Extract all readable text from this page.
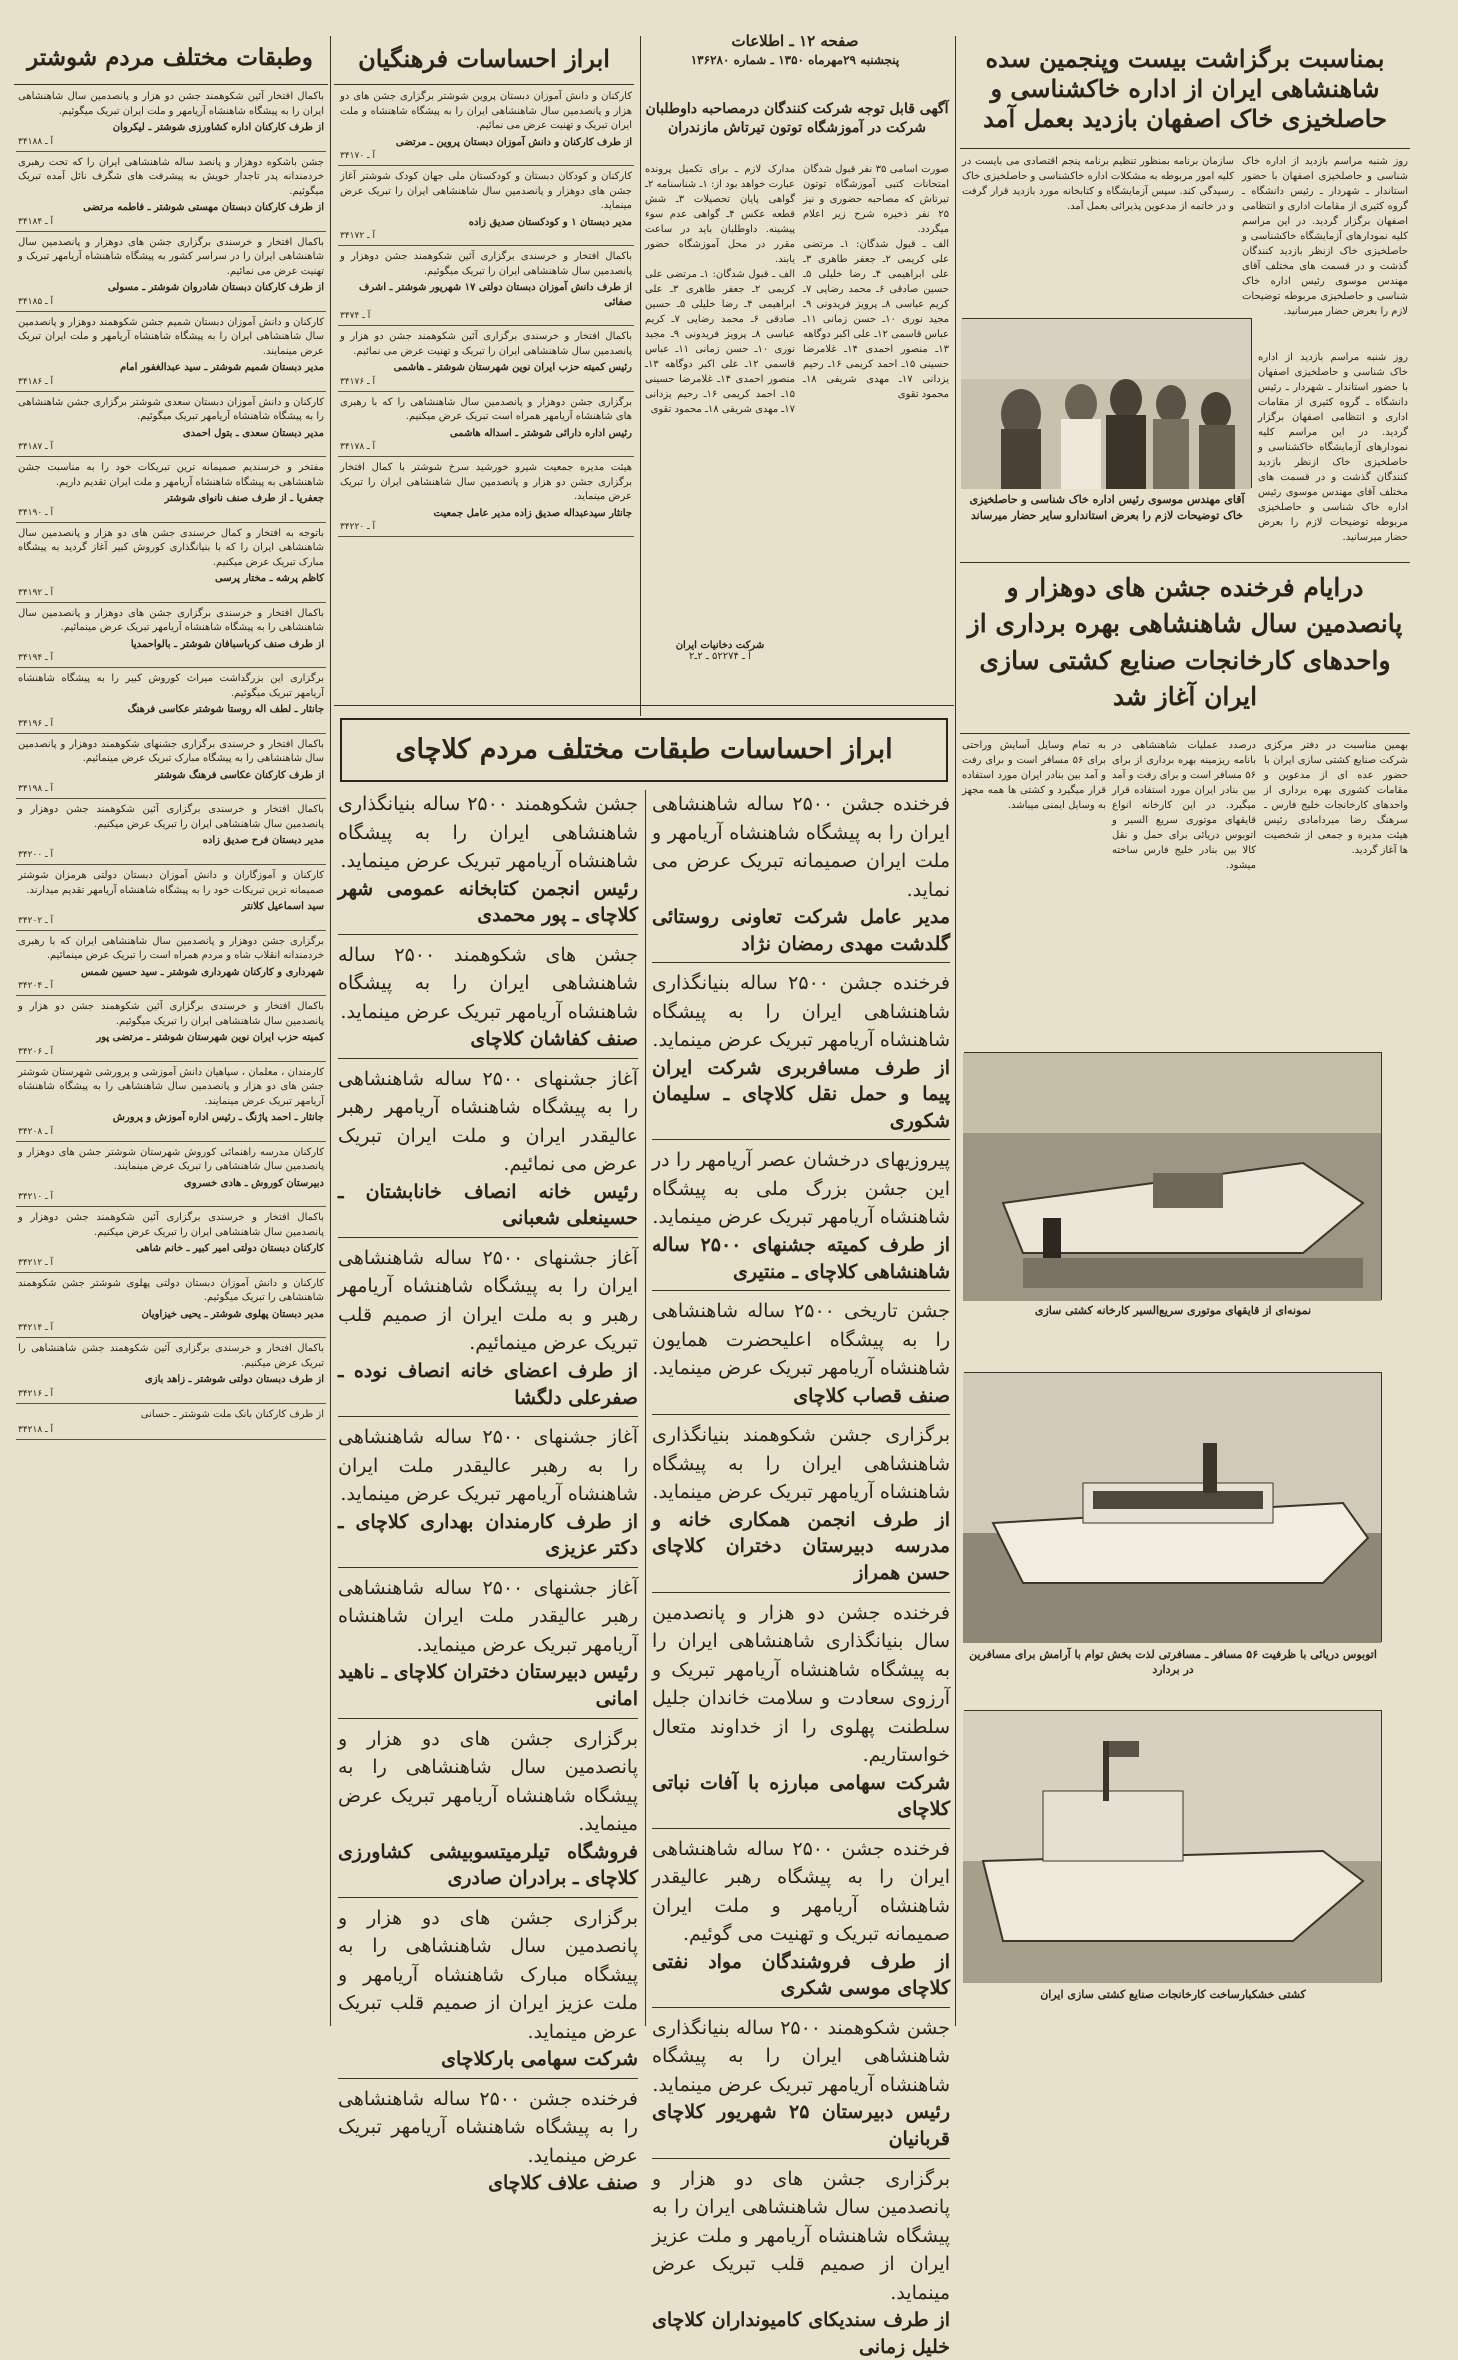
صفحه ۱۲ ـ اطلاعات
پنجشنبه ۲۹مهرماه ۱۳۵۰ ـ شماره ۱۳۶۲۸۰	بمناسبت برگزاشت بیست وپنجمین سده شاهنشاهی ایران از اداره خاکشناسی و حاصلخیزی خاک اصفهان بازدید بعمل آمد
روز شنبه مراسم بازدید از اداره خاک شناسی و حاصلخیزی اصفهان با حضور استاندار ـ شهردار ـ رئیس دانشگاه ـ گروه کثیری از مقامات اداری و انتظامی اصفهان برگزار گردید. در این مراسم کلیه نمودارهای آزمایشگاه خاکشناسی و حاصلخیزی خاک ازنظر بازدید کنندگان گذشت و در قسمت های مختلف آقای مهندس موسوی رئیس اداره خاک شناسی و حاصلخیزی مربوطه توضیحات لازم را بعرض حضار میرسانید.
سازمان برنامه بمنظور تنظیم برنامه پنجم اقتصادی می بایست در کلیه امور مربوطه به مشکلات اداره خاکشناسی و حاصلخیزی خاک رسیدگی کند. سپس آزمایشگاه و کتابخانه مورد بازدید قرار گرفت و در خاتمه از مدعوین پذیرائی بعمل آمد.
آقای مهندس موسوی رئیس اداره خاک شناسی و حاصلخیزی خاک توضیحات لازم را بعرض استاندارو سایر حضار میرساند
روز شنبه مراسم بازدید از اداره خاک شناسی و حاصلخیزی اصفهان با حضور استاندار ـ شهردار ـ رئیس دانشگاه ـ گروه کثیری از مقامات اداری و انتظامی اصفهان برگزار گردید. در این مراسم کلیه نمودارهای آزمایشگاه خاکشناسی و حاصلخیزی خاک ازنظر بازدید کنندگان گذشت و در قسمت های مختلف آقای مهندس موسوی رئیس اداره خاک شناسی و حاصلخیزی مربوطه توضیحات لازم را بعرض حضار میرسانید.
درایام فرخنده جشن های دوهزار و پانصدمین سال شاهنشاهی بهره برداری از واحدهای کارخانجات صنایع کشتی سازی ایران آغاز شد
بهمین مناسبت در دفتر مرکزی شرکت صنایع کشتی سازی ایران با حضور عده ای از مدعوین و مقامات کشوری بهره برداری از واحدهای کارخانجات خلیج فارس ـ سرهنگ رضا میردامادی رئیس هیئت مدیره و جمعی از شخصیت ها آغاز گردید.
درصدد عملیات شاهنشاهی در بانامه ریزمینه بهره برداری از برای ۵۶ مسافر است و برای رفت و آمد بین بنادر ایران مورد استفاده قرار میگیرد. در این کارخانه انواع قایقهای موتوری سریع السیر و اتوبوس دریائی برای حمل و نقل کالا بین بنادر خلیج فارس ساخته میشود.
به تمام وسایل آسایش وراحتی برای ۵۶ مسافر است و برای رفت و آمد بین بنادر ایران مورد استفاده قرار میگیرد و کشتی ها همه مجهز به وسایل ایمنی میباشد.
نمونه‌ای از قایقهای موتوری سریع‌السیر کارخانه کشتی سازی
اتوبوس دریائی با ظرفیت ۵۶ مسافر ـ مسافرتی لذت بخش توام با آرامش برای مسافرین در بردارد
کشتی خشکبارساخت کارخانجات صنایع کشتی سازی ایران
آگهی قابل توجه شرکت کنندگان درمصاحبه داوطلبان شرکت در آموزشگاه توتون تیرتاش مازندران
صورت اسامی ۳۵ نفر قبول شدگان امتحانات کتبی آموزشگاه توتون تیرتاش که مصاحبه حضوری و نیز ۲۵ نفر ذخیره شرح زیر اعلام میگردد.
الف ـ قبول شدگان: ۱ـ مرتضی علی کریمی ۲ـ جعفر طاهری ۳ـ علی ابراهیمی ۴ـ رضا خلیلی ۵ـ حسین صادقی ۶ـ محمد رضایی ۷ـ کریم عباسی ۸ـ پرویز فریدونی ۹ـ مجید نوری ۱۰ـ حسن زمانی ۱۱ـ عباس قاسمی ۱۲ـ علی اکبر دوگاهه ۱۳ـ منصور احمدی ۱۴ـ غلامرضا حسینی ۱۵ـ احمد کریمی ۱۶ـ رحیم یزدانی ۱۷ـ مهدی شریفی ۱۸ـ محمود تقوی
مدارک لازم ـ برای تکمیل پرونده عبارت خواهد بود از: ۱ـ شناسنامه ۲ـ گواهی پایان تحصیلات ۳ـ شش قطعه عکس ۴ـ گواهی عدم سوء پیشینه. داوطلبان باید در ساعت مقرر در محل آموزشگاه حضور یابند.
الف ـ قبول شدگان: ۱ـ مرتضی علی کریمی ۲ـ جعفر طاهری ۳ـ علی ابراهیمی ۴ـ رضا خلیلی ۵ـ حسین صادقی ۶ـ محمد رضایی ۷ـ کریم عباسی ۸ـ پرویز فریدونی ۹ـ مجید نوری ۱۰ـ حسن زمانی ۱۱ـ عباس قاسمی ۱۲ـ علی اکبر دوگاهه ۱۳ـ منصور احمدی ۱۴ـ غلامرضا حسینی ۱۵ـ احمد کریمی ۱۶ـ رحیم یزدانی ۱۷ـ مهدی شریفی ۱۸ـ محمود تقوی
شرکت دخانیات ایران
آ ـ ۵۲۲۷۴ ـ ۲ـ۲
ابراز احساسات فرهنگیان
کارکنان و دانش آموزان دبستان پروین شوشتر برگزاری جشن های دو هزار و پانصدمین سال شاهنشاهی ایران را به پیشگاه شاهنشاه و ملت ایران تبریک و تهنیت عرض می نمائیم.
از طرف کارکنان و دانش آموزان دبستان پروین ـ مرتضی
آ ـ ۳۴۱۷۰
کارکنان و کودکان دبستان و کودکستان ملی جهان کودک شوشتر آغاز جشن های دوهزار و پانصدمین سال شاهنشاهی ایران را تبریک عرض مینماید.
مدیر دبستان ۱ و کودکستان صدیق زاده
آ ـ ۳۴۱۷۲
باکمال افتخار و خرسندی برگزاری آئین شکوهمند جشن دوهزار و پانصدمین سال شاهنشاهی ایران را تبریک میگوئیم.
از طرف دانش آموزان دبستان دولتی ۱۷ شهریور شوشتر ـ اشرف صفائی
آ ـ ۳۴۷۴
باکمال افتخار و خرسندی برگزاری آئین شکوهمند جشن دو هزار و پانصدمین سال شاهنشاهی ایران را تبریک و تهنیت عرض می نمائیم.
رئیس کمیته حزب ایران نوین شهرستان شوشتر ـ هاشمی
آ ـ ۳۴۱۷۶
برگزاری جشن دوهزار و پانصدمین سال شاهنشاهی را که با رهبری های شاهنشاه آریامهر همراه است تبریک عرض میکنیم.
رئیس اداره دارائی شوشتر ـ اسداله هاشمی
آ ـ ۳۴۱۷۸
هیئت مدیره جمعیت شیرو خورشید سرخ شوشتر با کمال افتخار برگزاری جشن دو هزار و پانصدمین سال شاهنشاهی ایران را تبریک عرض مینماید.
جانثار سیدعبداله صدیق زاده مدیر عامل جمعیت
آ ـ ۳۴۲۲۰
وطبقات مختلف مردم شوشتر
باکمال افتخار آئین شکوهمند جشن دو هزار و پانصدمین سال شاهنشاهی ایران را به پیشگاه شاهنشاه آریامهر و ملت ایران تبریک میگوئیم.
از طرف کارکنان اداره کشاورزی شوشتر ـ لیکروان
آ ـ ۳۴۱۸۸
جشن باشکوه دوهزار و پانصد ساله شاهنشاهی ایران را که تحت رهبری خردمندانه پدر تاجدار خویش به پیشرفت های شگرف نائل آمده تبریک میگوئیم.
از طرف کارکنان دبستان مهستی شوشتر ـ فاطمه مرتضی
آ ـ ۳۴۱۸۴
باکمال افتخار و خرسندی برگزاری جشن های دوهزار و پانصدمین سال شاهنشاهی ایران را در سراسر کشور به پیشگاه شاهنشاه آریامهر تبریک و تهنیت عرض می نمائیم.
از طرف کارکنان دبستان شادروان شوشتر ـ مسولی
آ ـ ۳۴۱۸۵
کارکنان و دانش آموزان دبستان شمیم جشن شکوهمند دوهزار و پانصدمین سال شاهنشاهی ایران را به پیشگاه شاهنشاه آریامهر و ملت ایران تبریک عرض مینمایند.
مدیر دبستان شمیم شوشتر ـ سید عبدالغفور امام
آ ـ ۳۴۱۸۶
کارکنان و دانش آموزان دبستان سعدی شوشتر برگزاری جشن شاهنشاهی را به پیشگاه شاهنشاه آریامهر تبریک میگوئیم.
مدیر دبستان سعدی ـ بتول احمدی
آ ـ ۳۴۱۸۷
مفتخر و خرسندیم صمیمانه ترین تبریکات خود را به مناسبت جشن شاهنشاهی به پیشگاه شاهنشاه آریامهر و ملت ایران تقدیم داریم.
جعفریا ـ از طرف صنف نانوای شوشتر
آ ـ ۳۴۱۹۰
باتوجه به افتخار و کمال خرسندی جشن های دو هزار و پانصدمین سال شاهنشاهی ایران را که با بنیانگذاری کوروش کبیر آغاز گردید به پیشگاه مبارک تبریک عرض میکنیم.
کاظم پرشه ـ مختار پرسی
آ ـ ۳۴۱۹۲
باکمال افتخار و خرسندی برگزاری جشن های دوهزار و پانصدمین سال شاهنشاهی را به پیشگاه شاهنشاه آریامهر تبریک عرض مینمائیم.
از طرف صنف کرباسبافان شوشتر ـ بالواحمدیا
آ ـ ۳۴۱۹۴
برگزاری این بزرگداشت میراث کوروش کبیر را به پیشگاه شاهنشاه آریامهر تبریک میگوئیم.
جانثار ـ لطف اله روستا شوشتر عکاسی فرهنگ
آ ـ ۳۴۱۹۶
باکمال افتخار و خرسندی برگزاری جشنهای شکوهمند دوهزار و پانصدمین سال شاهنشاهی را به پیشگاه مبارک تبریک عرض مینمائیم.
از طرف کارکنان عکاسی فرهنگ شوشتر
آ ـ ۳۴۱۹۸
باکمال افتخار و خرسندی برگزاری آئین شکوهمند جشن دوهزار و پانصدمین سال شاهنشاهی ایران را تبریک عرض میکنیم.
مدیر دبستان فرح صدیق زاده
آ ـ ۳۴۲۰۰
کارکنان و آموزگاران و دانش آموزان دبستان دولتی هرمزان شوشتر صمیمانه ترین تبریکات خود را به پیشگاه شاهنشاه آریامهر تقدیم میدارند.
سید اسماعیل کلانتر
آ ـ ۳۴۲۰۲
برگزاری جشن دوهزار و پانصدمین سال شاهنشاهی ایران که با رهبری خردمندانه انقلاب شاه و مردم همراه است را تبریک عرض مینمائیم.
شهرداری و کارکنان شهرداری شوشتر ـ سید حسین شمس
آ ـ ۳۴۲۰۴
باکمال افتخار و خرسندی برگزاری آئین شکوهمند جشن دو هزار و پانصدمین سال شاهنشاهی ایران را تبریک میگوئیم.
کمیته حزب ایران نوین شهرستان شوشتر ـ مرتضی پور
آ ـ ۳۴۲۰۶
کارمندان ، معلمان ، سپاهیان دانش آموزشی و پرورشی شهرستان شوشتر جشن های دو هزار و پانصدمین سال شاهنشاهی را به پیشگاه شاهنشاه آریامهر تبریک عرض مینمایند.
جانثار ـ احمد پاژنگ ـ رئیس اداره آموزش و پرورش
آ ـ ۳۴۲۰۸
کارکنان مدرسه راهنمائی کوروش شهرستان شوشتر جشن های دوهزار و پانصدمین سال شاهنشاهی را تبریک عرض مینمایند.
دبیرستان کوروش ـ هادی خسروی
آ ـ ۳۴۲۱۰
باکمال افتخار و خرسندی برگزاری آئین شکوهمند جشن دوهزار و پانصدمین سال شاهنشاهی ایران را تبریک عرض میکنیم.
کارکنان دبستان دولتی امیر کبیر ـ خانم شاهی
آ ـ ۳۴۲۱۲
کارکنان و دانش آموزان دبستان دولتی پهلوی شوشتر جشن شکوهمند شاهنشاهی را تبریک میگوئیم.
مدیر دبستان پهلوی شوشتر ـ یحیی خیزاویان
آ ـ ۳۴۲۱۴
باکمال افتخار و خرسندی برگزاری آئین شکوهمند جشن شاهنشاهی را تبریک عرض میکنیم.
از طرف دبستان دولتی شوشتر ـ زاهد بازی
آ ـ ۳۴۲۱۶
از طرف کارکنان بانک ملت شوشتر ـ حسانی
آ ـ ۳۴۲۱۸
ابراز احساسات طبقات مختلف مردم کلاچای
فرخنده جشن ۲۵۰۰ ساله شاهنشاهی ایران را به پیشگاه شاهنشاه آریامهر و ملت ایران صمیمانه تبریک عرض می نماید.
مدیر عامل شرکت تعاونی روستائی گلدشت مهدی رمضان نژاد
فرخنده جشن ۲۵۰۰ ساله بنیانگذاری شاهنشاهی ایران را به پیشگاه شاهنشاه آریامهر تبریک عرض مینماید.
از طرف مسافربری شرکت ایران پیما و حمل نقل کلاچای ـ سلیمان شکوری
پیروزیهای درخشان عصر آریامهر را در این جشن بزرگ ملی به پیشگاه شاهنشاه آریامهر تبریک عرض مینماید.
از طرف کمیته جشنهای ۲۵۰۰ ساله شاهنشاهی کلاچای ـ منتیری
جشن تاریخی ۲۵۰۰ ساله شاهنشاهی را به پیشگاه اعلیحضرت همایون شاهنشاه آریامهر تبریک عرض مینماید.
صنف قصاب کلاچای
برگزاری جشن شکوهمند بنیانگذاری شاهنشاهی ایران را به پیشگاه شاهنشاه آریامهر تبریک عرض مینماید.
از طرف انجمن همکاری خانه و مدرسه دبیرستان دختران کلاچای حسن همراز
فرخنده جشن دو هزار و پانصدمین سال بنیانگذاری شاهنشاهی ایران را به پیشگاه شاهنشاه آریامهر تبریک و آرزوی سعادت و سلامت خاندان جلیل سلطنت پهلوی را از خداوند متعال خواستاریم.
شرکت سهامی مبارزه با آفات نباتی کلاچای
فرخنده جشن ۲۵۰۰ ساله شاهنشاهی ایران را به پیشگاه رهبر عالیقدر شاهنشاه آریامهر و ملت ایران صمیمانه تبریک و تهنیت می گوئیم.
از طرف فروشندگان مواد نفتی کلاچای موسی شکری
جشن شکوهمند ۲۵۰۰ ساله بنیانگذاری شاهنشاهی ایران را به پیشگاه شاهنشاه آریامهر تبریک عرض مینماید.
رئیس دبیرستان ۲۵ شهریور کلاچای قربانیان
برگزاری جشن های دو هزار و پانصدمین سال شاهنشاهی ایران را به پیشگاه شاهنشاه آریامهر و ملت عزیز ایران از صمیم قلب تبریک عرض مینماید.
از طرف سندیکای کامیونداران کلاچای خلیل زمانی
جشن شکوهمند ۲۵۰۰ ساله بنیانگذاری شاهنشاهی ایران را به پیشگاه شاهنشاه آریامهر تبریک عرض مینماید.
رئیس انجمن کتابخانه عمومی شهر کلاچای ـ پور محمدی
جشن های شکوهمند ۲۵۰۰ ساله شاهنشاهی ایران را به پیشگاه شاهنشاه آریامهر تبریک عرض مینماید.
صنف کفاشان کلاچای
آغاز جشنهای ۲۵۰۰ ساله شاهنشاهی را به پیشگاه شاهنشاه آریامهر رهبر عالیقدر ایران و ملت ایران تبریک عرض می نمائیم.
رئیس خانه انصاف خانابشتان ـ حسینعلی شعبانی
آغاز جشنهای ۲۵۰۰ ساله شاهنشاهی ایران را به پیشگاه شاهنشاه آریامهر رهبر و به ملت ایران از صمیم قلب تبریک عرض مینمائیم.
از طرف اعضای خانه انصاف نوده ـ صفرعلی دلگشا
آغاز جشنهای ۲۵۰۰ ساله شاهنشاهی را به رهبر عالیقدر ملت ایران شاهنشاه آریامهر تبریک عرض مینماید.
از طرف کارمندان بهداری کلاچای ـ دکتر عزیزی
آغاز جشنهای ۲۵۰۰ ساله شاهنشاهی رهبر عالیقدر ملت ایران شاهنشاه آریامهر تبریک عرض مینماید.
رئیس دبیرستان دختران کلاچای ـ ناهید امانی
برگزاری جشن های دو هزار و پانصدمین سال شاهنشاهی را به پیشگاه شاهنشاه آریامهر تبریک عرض مینماید.
فروشگاه تیلرمیتسوبیشی کشاورزی کلاچای ـ برادران صادری
برگزاری جشن های دو هزار و پانصدمین سال شاهنشاهی را به پیشگاه مبارک شاهنشاه آریامهر و ملت عزیز ایران از صمیم قلب تبریک عرض مینماید.
شرکت سهامی بارکلاچای
فرخنده جشن ۲۵۰۰ ساله شاهنشاهی را به پیشگاه شاهنشاه آریامهر تبریک عرض مینماید.
صنف علاف کلاچای
